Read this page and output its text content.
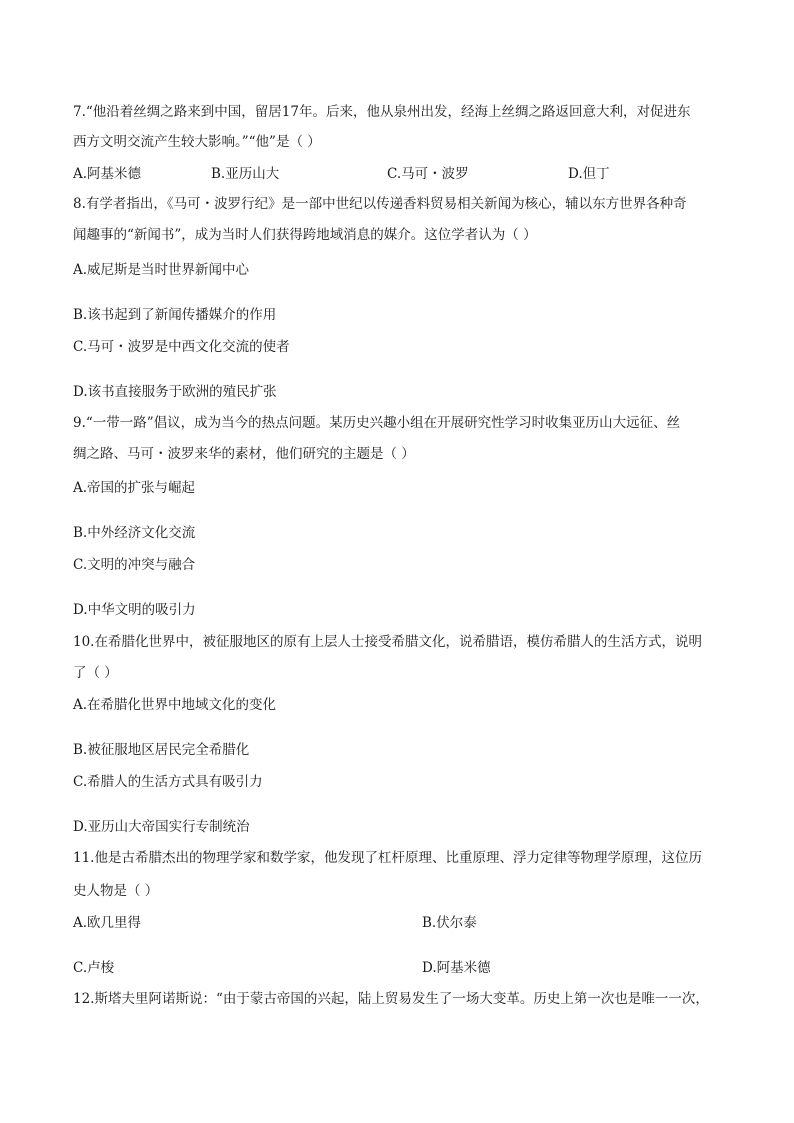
7.“他沿着丝绸之路来到中国，留居17年。后来，他从泉州出发，经海上丝绸之路返回意大利，对促进东
西方文明交流产生较大影响。”“他”是（ ）
A.阿基米德	B.亚历山大	C.马可・波罗	D.但丁
8.有学者指出，《马可・波罗行纪》是一部中世纪以传递香料贸易相关新闻为核心，辅以东方世界各种奇
闻趣事的“新闻书”，成为当时人们获得跨地域消息的媒介。这位学者认为（ ）
A.威尼斯是当时世界新闻中心
B.该书起到了新闻传播媒介的作用
C.马可・波罗是中西文化交流的使者
D.该书直接服务于欧洲的殖民扩张
9.“一带一路”倡议，成为当今的热点问题。某历史兴趣小组在开展研究性学习时收集亚历山大远征、丝
绸之路、马可・波罗来华的素材，他们研究的主题是（ ）
A.帝国的扩张与崛起
B.中外经济文化交流
C.文明的冲突与融合
D.中华文明的吸引力
10.在希腊化世界中，被征服地区的原有上层人士接受希腊文化，说希腊语，模仿希腊人的生活方式，说明
了（ ）
A.在希腊化世界中地域文化的变化
B.被征服地区居民完全希腊化
C.希腊人的生活方式具有吸引力
D.亚历山大帝国实行专制统治
11.他是古希腊杰出的物理学家和数学家，他发现了杠杆原理、比重原理、浮力定律等物理学原理，这位历
史人物是（ ）
A.欧几里得	B.伏尔泰
C.卢梭	D.阿基米德
12.斯塔夫里阿诺斯说：“由于蒙古帝国的兴起，陆上贸易发生了一场大变革。历史上第一次也是唯一一次，
